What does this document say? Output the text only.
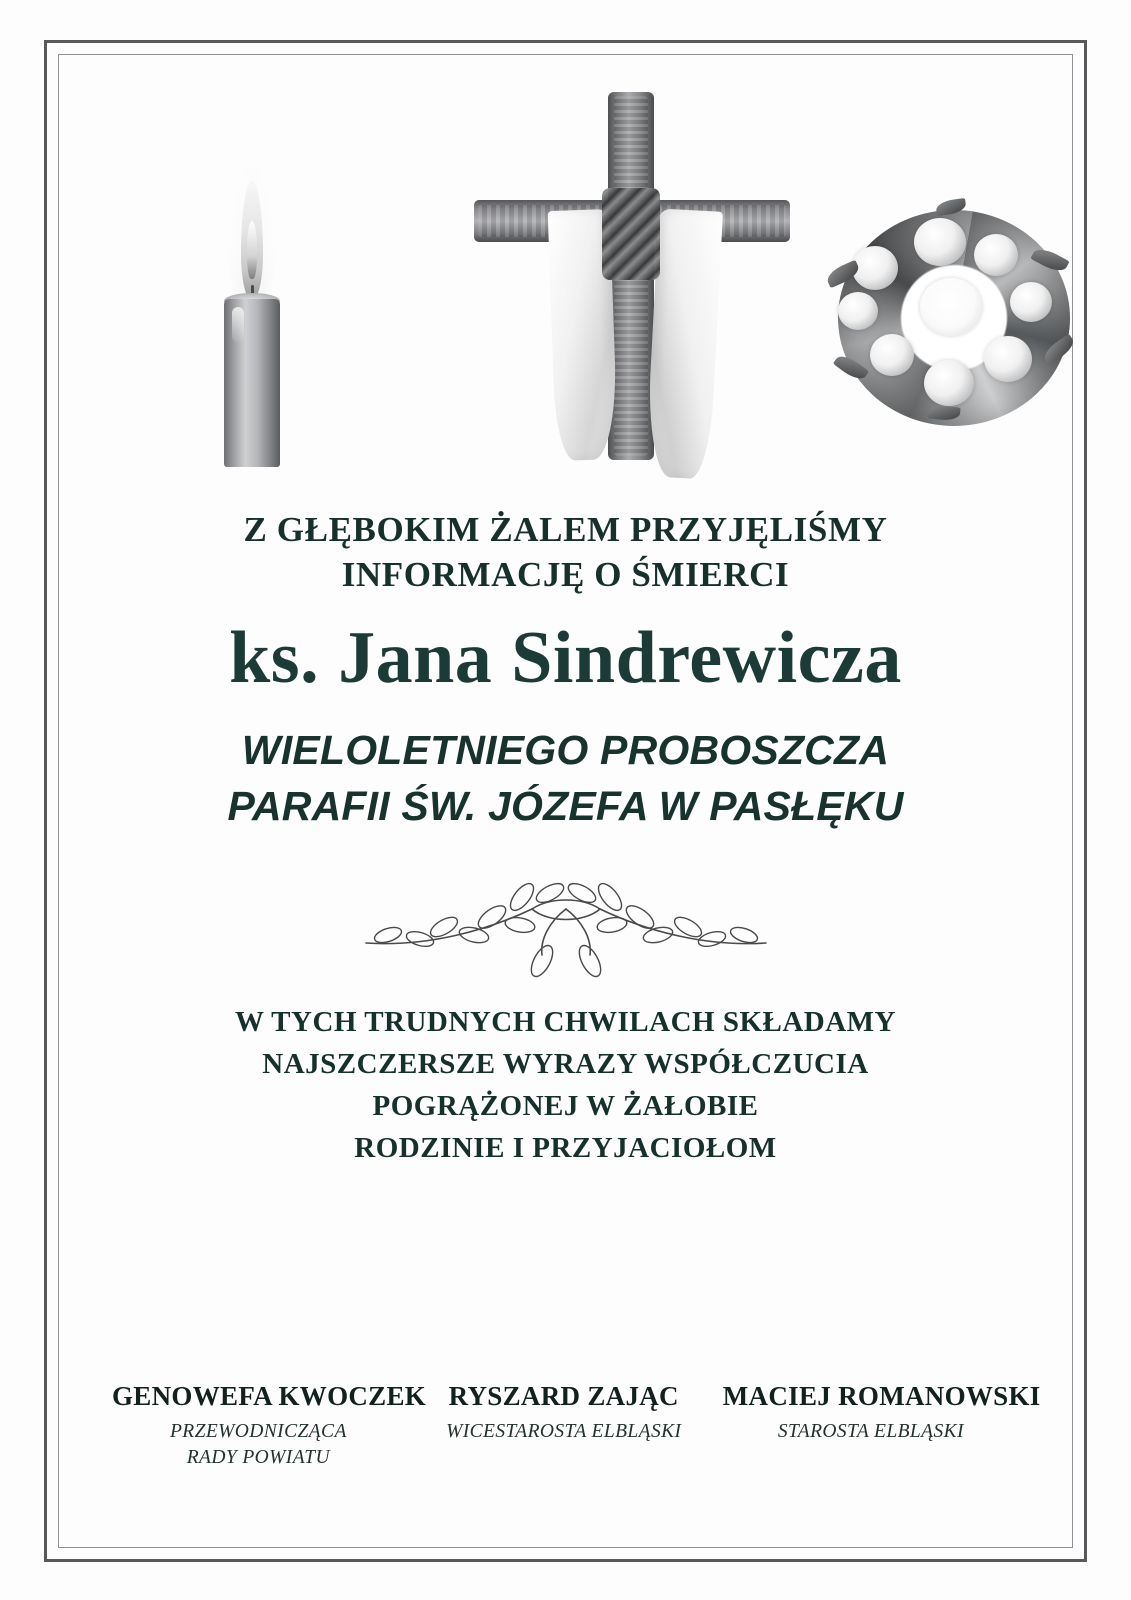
Z GŁĘBOKIM ŻALEM PRZYJĘLIŚMY
INFORMACJĘ O ŚMIERCI
ks. Jana Sindrewicza
WIELOLETNIEGO PROBOSZCZA
PARAFII ŚW. JÓZEFA W PASŁĘKU
W TYCH TRUDNYCH CHWILACH SKŁADAMY
NAJSZCZERSZE WYRAZY WSPÓŁCZUCIA
POGRĄŻONEJ W ŻAŁOBIE
RODZINIE I PRZYJACIOŁOM
GENOWEFA KWOCZEK
PRZEWODNICZĄCA
RADY POWIATU
RYSZARD ZAJĄC
WICESTAROSTA ELBLĄSKI
MACIEJ ROMANOWSKI
STAROSTA ELBLĄSKI
